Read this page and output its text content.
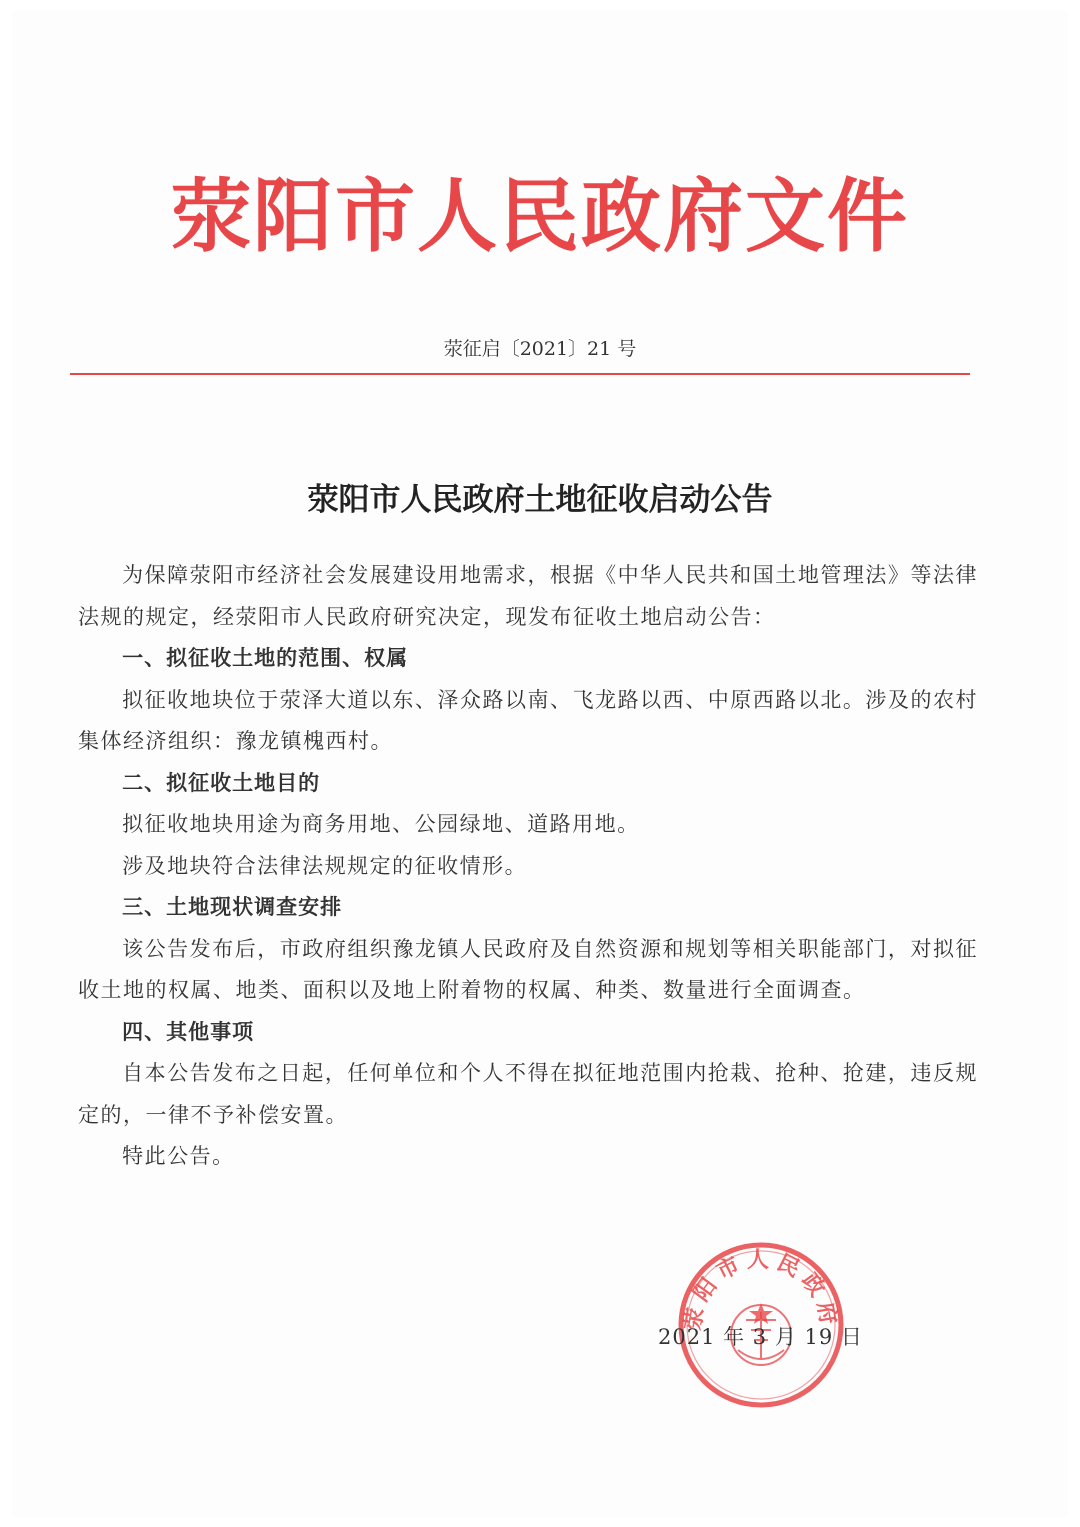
荥阳市人民政府文件
荥征启〔2021〕21 号
荥阳市人民政府土地征收启动公告

为保障荥阳市经济社会发展建设用地需求，根据《中华人民共和国土地管理法》等法律法规的规定，经荥阳市人民政府研究决定，现发布征收土地启动公告：

一、拟征收土地的范围、权属

拟征收地块位于荥泽大道以东、泽众路以南、飞龙路以西、中原西路以北。涉及的农村集体经济组织：豫龙镇槐西村。

二、拟征收土地目的

拟征收地块用途为商务用地、公园绿地、道路用地。

涉及地块符合法律法规规定的征收情形。

三、土地现状调查安排

该公告发布后，市政府组织豫龙镇人民政府及自然资源和规划等相关职能部门，对拟征收土地的权属、地类、面积以及地上附着物的权属、种类、数量进行全面调查。

四、其他事项

自本公告发布之日起，任何单位和个人不得在拟征地范围内抢栽、抢种、抢建，违反规定的，一律不予补偿安置。

特此公告。

荥阳市人民政府
2021 年 3 月 19 日
